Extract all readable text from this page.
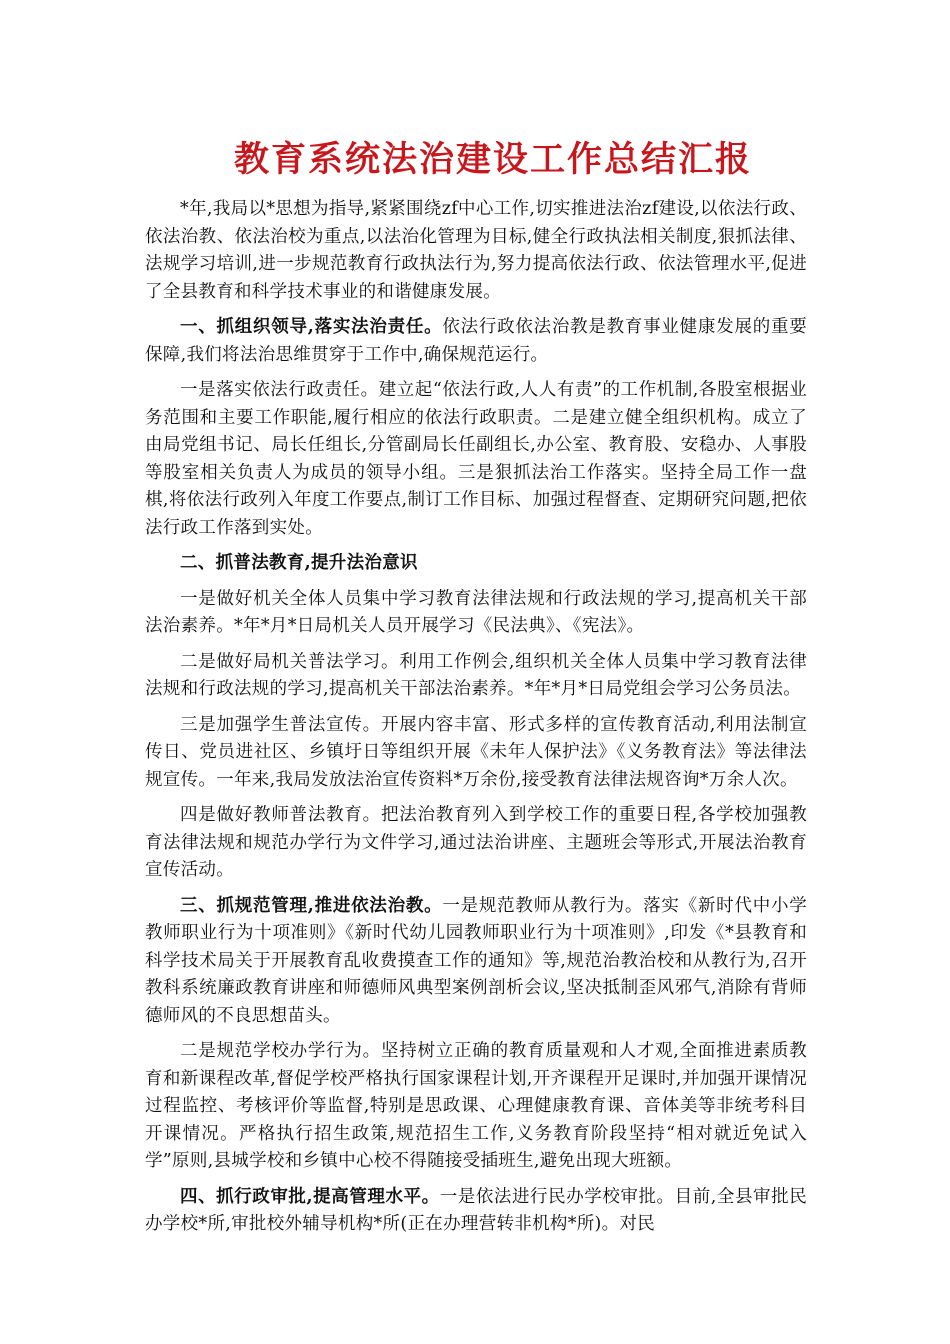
教育系统法治建设工作总结汇报

*年,我局以*思想为指导,紧紧围绕zf中心工作,切实推进法治zf建设,以依法行政、依法治教、依法治校为重点,以法治化管理为目标,健全行政执法相关制度,狠抓法律、法规学习培训,进一步规范教育行政执法行为,努力提高依法行政、依法管理水平,促进了全县教育和科学技术事业的和谐健康发展。

一、抓组织领导,落实法治责任。依法行政依法治教是教育事业健康发展的重要保障,我们将法治思维贯穿于工作中,确保规范运行。

一是落实依法行政责任。建立起“依法行政,人人有责”的工作机制,各股室根据业务范围和主要工作职能,履行相应的依法行政职责。二是建立健全组织机构。成立了由局党组书记、局长任组长,分管副局长任副组长,办公室、教育股、安稳办、人事股等股室相关负责人为成员的领导小组。三是狠抓法治工作落实。坚持全局工作一盘棋,将依法行政列入年度工作要点,制订工作目标、加强过程督查、定期研究问题,把依法行政工作落到实处。

二、抓普法教育,提升法治意识

一是做好机关全体人员集中学习教育法律法规和行政法规的学习,提高机关干部法治素养。*年*月*日局机关人员开展学习《民法典》、《宪法》。

二是做好局机关普法学习。利用工作例会,组织机关全体人员集中学习教育法律法规和行政法规的学习,提高机关干部法治素养。*年*月*日局党组会学习公务员法。

三是加强学生普法宣传。开展内容丰富、形式多样的宣传教育活动,利用法制宣传日、党员进社区、乡镇圩日等组织开展《未年人保护法》《义务教育法》等法律法规宣传。一年来,我局发放法治宣传资料*万余份,接受教育法律法规咨询*万余人次。

四是做好教师普法教育。把法治教育列入到学校工作的重要日程,各学校加强教育法律法规和规范办学行为文件学习,通过法治讲座、主题班会等形式,开展法治教育宣传活动。

三、抓规范管理,推进依法治教。一是规范教师从教行为。落实《新时代中小学教师职业行为十项准则》《新时代幼儿园教师职业行为十项准则》,印发《*县教育和科学技术局关于开展教育乱收费摸查工作的通知》等,规范治教治校和从教行为,召开教科系统廉政教育讲座和师德师风典型案例剖析会议,坚决抵制歪风邪气,消除有背师德师风的不良思想苗头。

二是规范学校办学行为。坚持树立正确的教育质量观和人才观,全面推进素质教育和新课程改革,督促学校严格执行国家课程计划,开齐课程开足课时,并加强开课情况过程监控、考核评价等监督,特别是思政课、心理健康教育课、音体美等非统考科目开课情况。严格执行招生政策,规范招生工作,义务教育阶段坚持“相对就近免试入学”原则,县城学校和乡镇中心校不得随接受插班生,避免出现大班额。

四、抓行政审批,提高管理水平。一是依法进行民办学校审批。目前,全县审批民办学校*所,审批校外辅导机构*所(正在办理营转非机构*所)。对民
